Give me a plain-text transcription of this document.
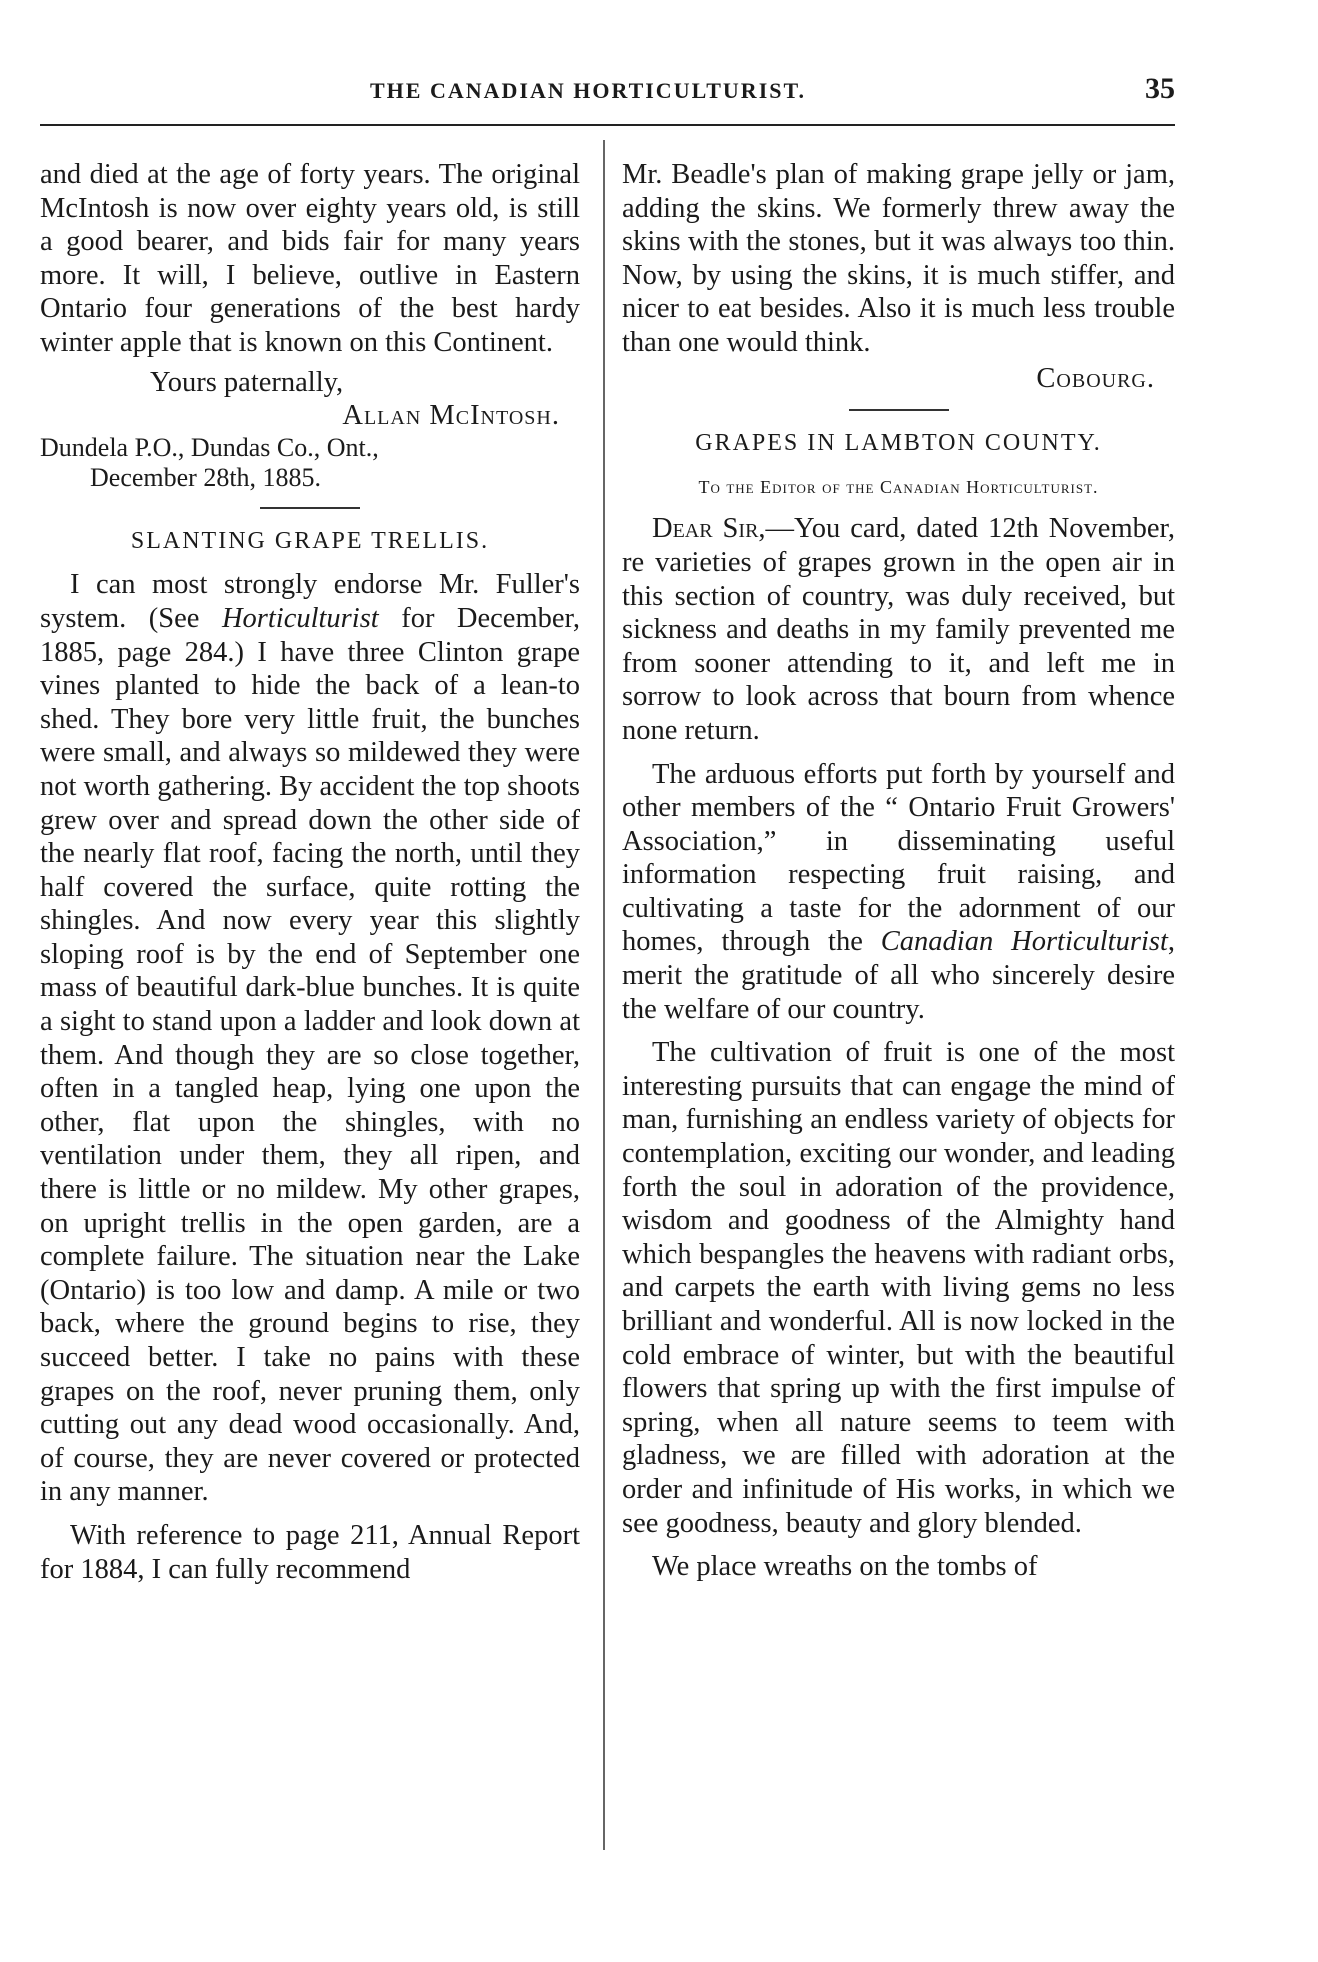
THE CANADIAN HORTICULTURIST.	35

and died at the age of forty years. The original McIntosh is now over eighty years old, is still a good bearer, and bids fair for many years more. It will, I believe, outlive in Eastern Ontario four generations of the best hardy winter apple that is known on this Continent.

Yours paternally,
Allan McIntosh.
Dundela P.O., Dundas Co., Ont.,
December 28th, 1885.
SLANTING GRAPE TRELLIS.

I can most strongly endorse Mr. Fuller's system. (See Horticulturist for December, 1885, page 284.) I have three Clinton grape vines planted to hide the back of a lean-to shed. They bore very little fruit, the bunches were small, and always so mildewed they were not worth gathering. By accident the top shoots grew over and spread down the other side of the nearly flat roof, facing the north, until they half covered the surface, quite rotting the shingles. And now every year this slightly sloping roof is by the end of September one mass of beautiful dark-blue bunches. It is quite a sight to stand upon a ladder and look down at them. And though they are so close together, often in a tangled heap, lying one upon the other, flat upon the shingles, with no ventilation under them, they all ripen, and there is little or no mildew. My other grapes, on upright trellis in the open garden, are a complete failure. The situation near the Lake (Ontario) is too low and damp. A mile or two back, where the ground begins to rise, they succeed better. I take no pains with these grapes on the roof, never pruning them, only cutting out any dead wood occasionally. And, of course, they are never covered or protected in any manner.

With reference to page 211, Annual Report for 1884, I can fully recommend

Mr. Beadle's plan of making grape jelly or jam, adding the skins. We formerly threw away the skins with the stones, but it was always too thin. Now, by using the skins, it is much stiffer, and nicer to eat besides. Also it is much less trouble than one would think.

Cobourg.
GRAPES IN LAMBTON COUNTY.
To the Editor of the Canadian Horticulturist.

Dear Sir,—You card, dated 12th November, re varieties of grapes grown in the open air in this section of country, was duly received, but sickness and deaths in my family prevented me from sooner attending to it, and left me in sorrow to look across that bourn from whence none return.

The arduous efforts put forth by yourself and other members of the “ Ontario Fruit Growers' Association,” in disseminating useful information respecting fruit raising, and cultivating a taste for the adornment of our homes, through the Canadian Horticulturist, merit the gratitude of all who sincerely desire the welfare of our country.

The cultivation of fruit is one of the most interesting pursuits that can engage the mind of man, furnishing an endless variety of objects for contemplation, exciting our wonder, and leading forth the soul in adoration of the providence, wisdom and goodness of the Almighty hand which bespangles the heavens with radiant orbs, and carpets the earth with living gems no less brilliant and wonderful. All is now locked in the cold embrace of winter, but with the beautiful flowers that spring up with the first impulse of spring, when all nature seems to teem with gladness, we are filled with adoration at the order and infinitude of His works, in which we see goodness, beauty and glory blended.

We place wreaths on the tombs of
